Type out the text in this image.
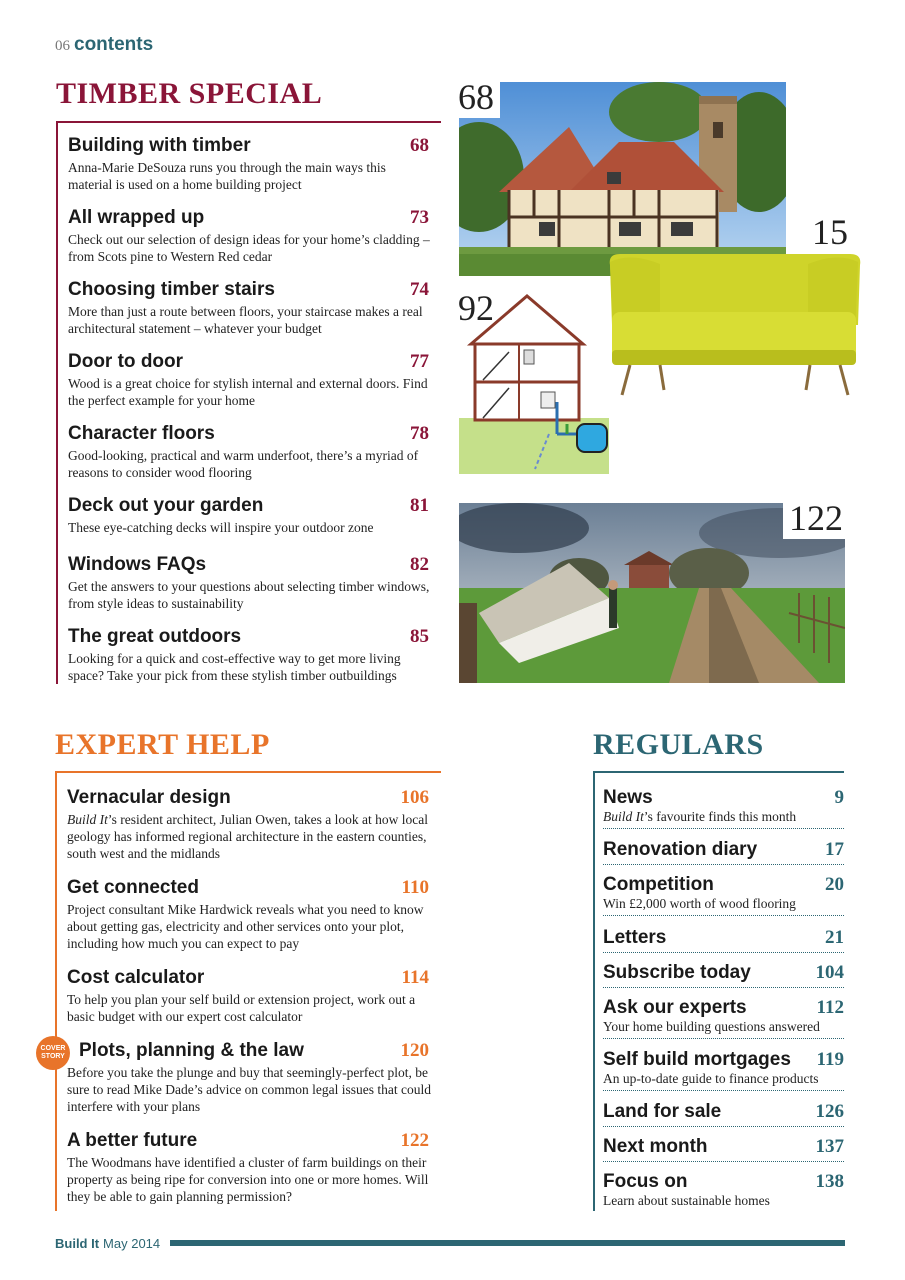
06 contents
TIMBER SPECIAL
EXPERT HELP	REGULARS
Building with timber	68
Anna-Marie DeSouza runs you through the main ways this material is used on a home building project
All wrapped up	73
Check out our selection of design ideas for your home’s cladding – from Scots pine to Western Red cedar
Choosing timber stairs	74
More than just a route between floors, your staircase makes a real architectural statement – whatever your budget
Door to door	77
Wood is a great choice for stylish internal and external doors. Find the perfect example for your home
Character floors	78
Good-looking, practical and warm underfoot, there’s a myriad of reasons to consider wood flooring
Deck out your garden	81
These eye-catching decks will inspire your outdoor zone
Windows FAQs	82
Get the answers to your questions about selecting timber windows, from style ideas to sustainability
The great outdoors	85
Looking for a quick and cost-effective way to get more living space? Take your pick from these stylish timber outbuildings
Vernacular design	106
Build It’s resident architect, Julian Owen, takes a look at how local geology has informed regional architecture in the eastern counties, south west and the midlands
Get connected	110
Project consultant Mike Hardwick reveals what you need to know about getting gas, electricity and other services onto your plot, including how much you can expect to pay
Cost calculator	114
To help you plan your self build or extension project, work out a basic budget with our expert cost calculator
Plots, planning & the law	120
Before you take the plunge and buy that seemingly-perfect plot, be sure to read Mike Dade’s advice on common legal issues that could interfere with your plans
A better future	122
The Woodmans have identified a cluster of farm buildings on their property as being ripe for conversion into one or more homes. Will they be able to gain planning permission?
COVER
STORY
News	9
Build It’s favourite finds this month
Renovation diary	17
Competition	20
Win £2,000 worth of wood flooring
Letters	21
Subscribe today	104
Ask our experts	112
Your home building questions answered
Self build mortgages 119
An up-to-date guide to finance products
Land for sale	126
Next month	137
Focus on	138
Learn about sustainable homes
68
15
92
122
Build It May 2014
